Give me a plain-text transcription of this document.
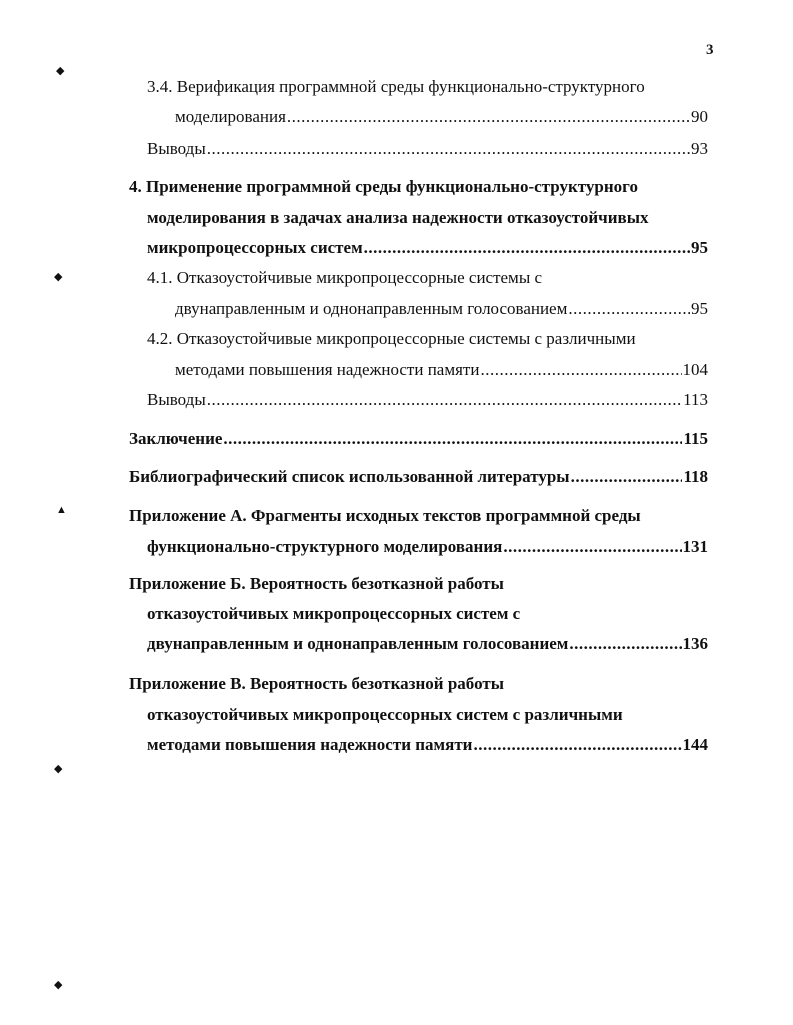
3
◆
◆
▲
◆
◆
3.4. Верификация программной среды функционально-структурного
моделирования .....	90
Выводы .....	93
4. Применение программной среды функционально-структурного
моделирования в задачах анализа надежности отказоустойчивых
микропроцессорных систем .....	95
4.1. Отказоустойчивые микропроцессорные системы с
двунаправленным и однонаправленным голосованием .....	95
4.2. Отказоустойчивые микропроцессорные системы с различными
методами повышения надежности памяти .....	104
Выводы .....	113
Заключение .....	115
Библиографический список использованной литературы .....	118
Приложение А. Фрагменты исходных текстов программной среды
функционально-структурного моделирования .....	131
Приложение Б. Вероятность безотказной работы
отказоустойчивых микропроцессорных систем с
двунаправленным и однонаправленным голосованием .....	136
Приложение В. Вероятность безотказной работы
отказоустойчивых микропроцессорных систем с различными
методами повышения надежности памяти .....	144
